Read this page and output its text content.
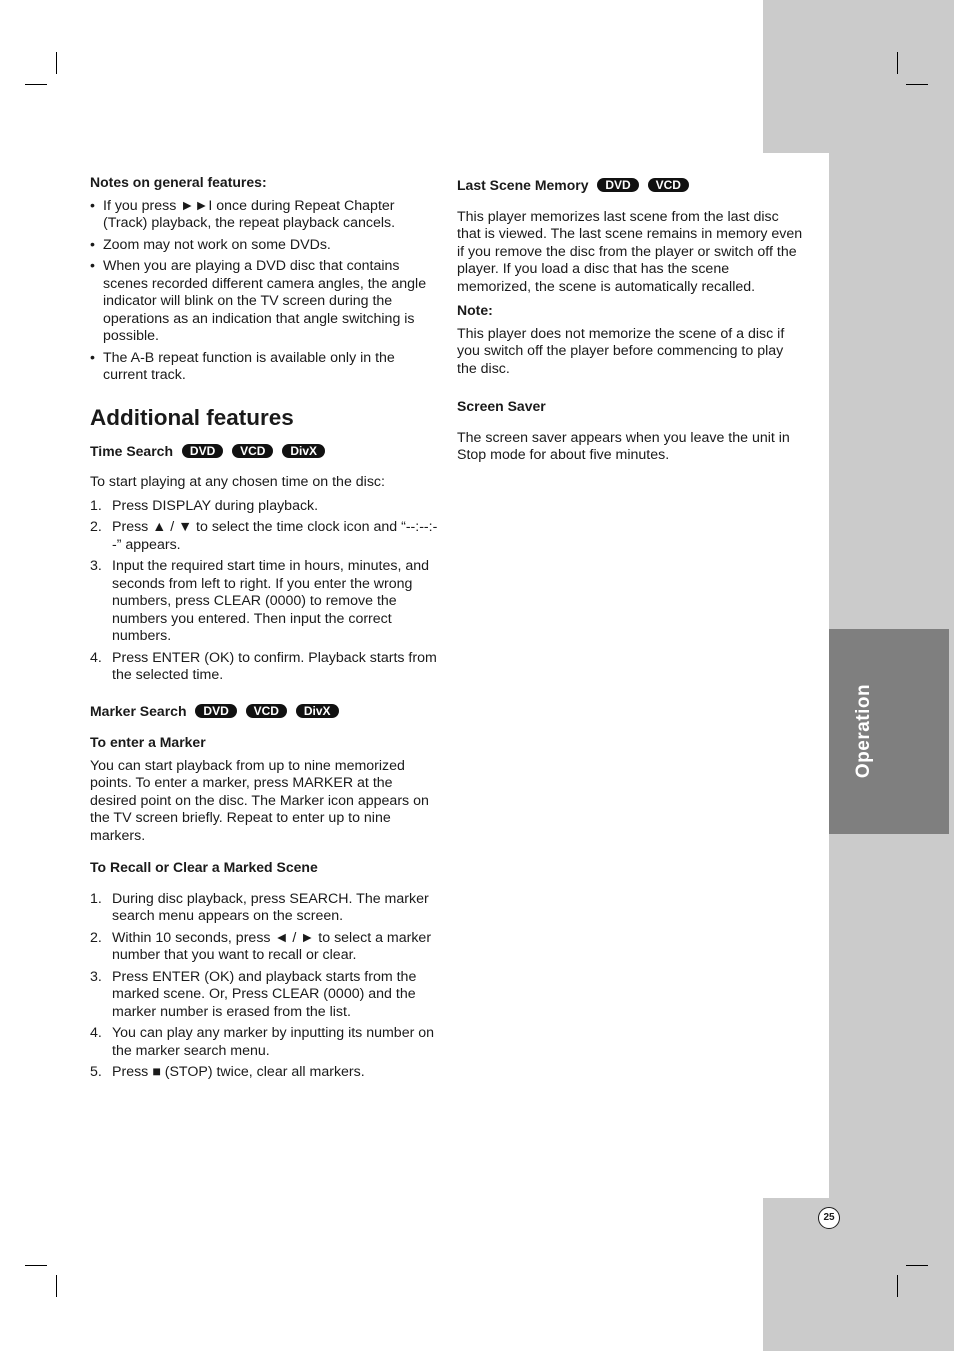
Operation
25
Notes on general features:
• If you press ►►I once during Repeat Chapter (Track) playback, the repeat playback cancels.
• Zoom may not work on some DVDs.
• When you are playing a DVD disc that contains scenes recorded different camera angles, the angle indicator will blink on the TV screen during the operations as an indication that angle switching is possible.
• The A-B repeat function is available only in the current track.
Additional features
Time Search DVD VCD DivX

To start playing at any chosen time on the disc:

1. Press DISPLAY during playback.
2. Press ▲ / ▼ to select the time clock icon and “--:--:--” appears.
3. Input the required start time in hours, minutes, and seconds from left to right. If you enter the wrong numbers, press CLEAR (0000) to remove the numbers you entered. Then input the correct numbers.
4. Press ENTER (OK) to confirm. Playback starts from the selected time.
Marker Search DVD VCD DivX
To enter a Marker

You can start playback from up to nine memorized points. To enter a marker, press MARKER at the desired point on the disc. The Marker icon appears on the TV screen briefly. Repeat to enter up to nine markers.

To Recall or Clear a Marked Scene
1. During disc playback, press SEARCH. The marker search menu appears on the screen.
2. Within 10 seconds, press ◄ / ► to select a marker number that you want to recall or clear.
3. Press ENTER (OK) and playback starts from the marked scene. Or, Press CLEAR (0000) and the marker number is erased from the list.
4. You can play any marker by inputting its number on the marker search menu.
5. Press ■ (STOP) twice, clear all markers.
Last Scene Memory DVD VCD

This player memorizes last scene from the last disc that is viewed. The last scene remains in memory even if you remove the disc from the player or switch off the player. If you load a disc that has the scene memorized, the scene is automatically recalled.

Note:

This player does not memorize the scene of a disc if you switch off the player before commencing to play the disc.

Screen Saver

The screen saver appears when you leave the unit in Stop mode for about five minutes.
